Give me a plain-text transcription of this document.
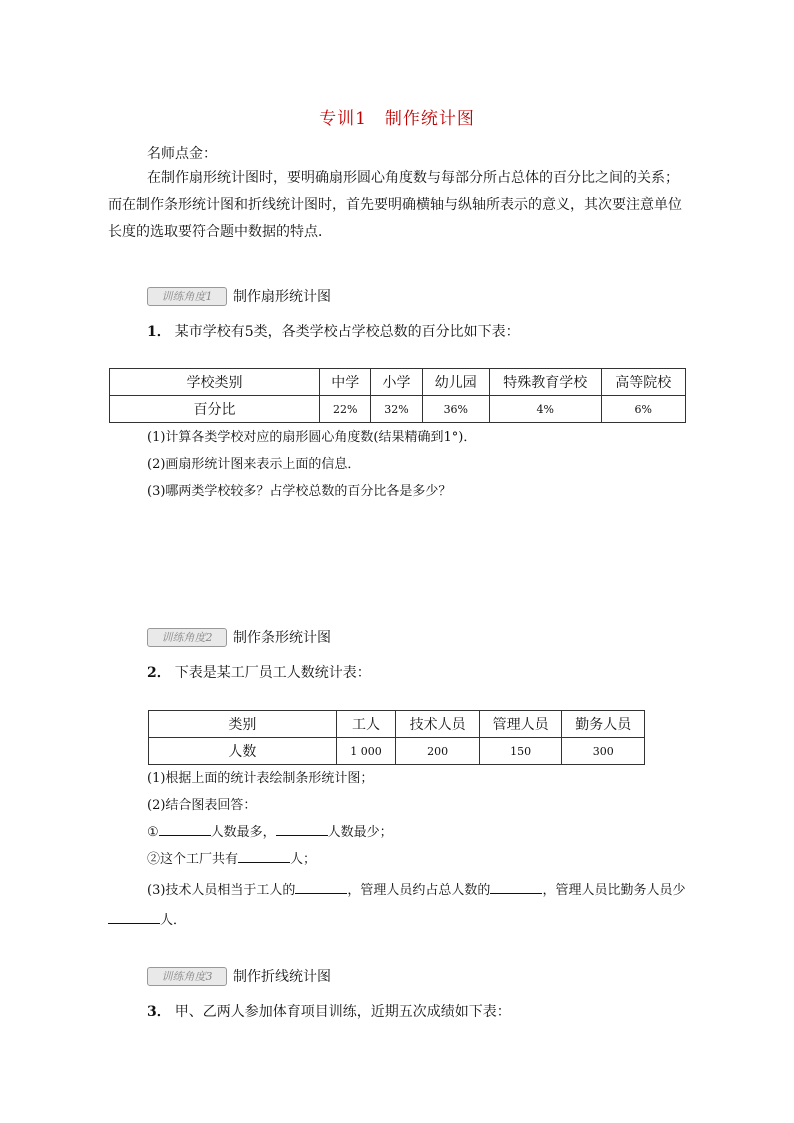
专训1　制作统计图
名师点金：
在制作扇形统计图时，要明确扇形圆心角度数与每部分所占总体的百分比之间的关系；而在制作条形统计图和折线统计图时，首先要明确横轴与纵轴所表示的意义，其次要注意单位长度的选取要符合题中数据的特点．
训练角度1	制作扇形统计图
1． 某市学校有5类，各类学校占学校总数的百分比如下表：
学校类别	中学	小学	幼儿园	特殊教育学校	高等院校
百分比	22%	32%	36%	4%	6%
(1)计算各类学校对应的扇形圆心角度数(结果精确到1°)．
(2)画扇形统计图来表示上面的信息．
(3)哪两类学校较多？占学校总数的百分比各是多少？
训练角度2	制作条形统计图
2． 下表是某工厂员工人数统计表：
类别	工人	技术人员	管理人员	勤务人员
人数	1 000	200	150	300
(1)根据上面的统计表绘制条形统计图；
(2)结合图表回答：
①	人数最多，	人数最少；
②这个工厂共有	人；
(3)技术人员相当于工人的	，管理人员约占总人数的	，管理人员比勤务人员少人．
训练角度3	制作折线统计图
3． 甲、乙两人参加体育项目训练，近期五次成绩如下表：
